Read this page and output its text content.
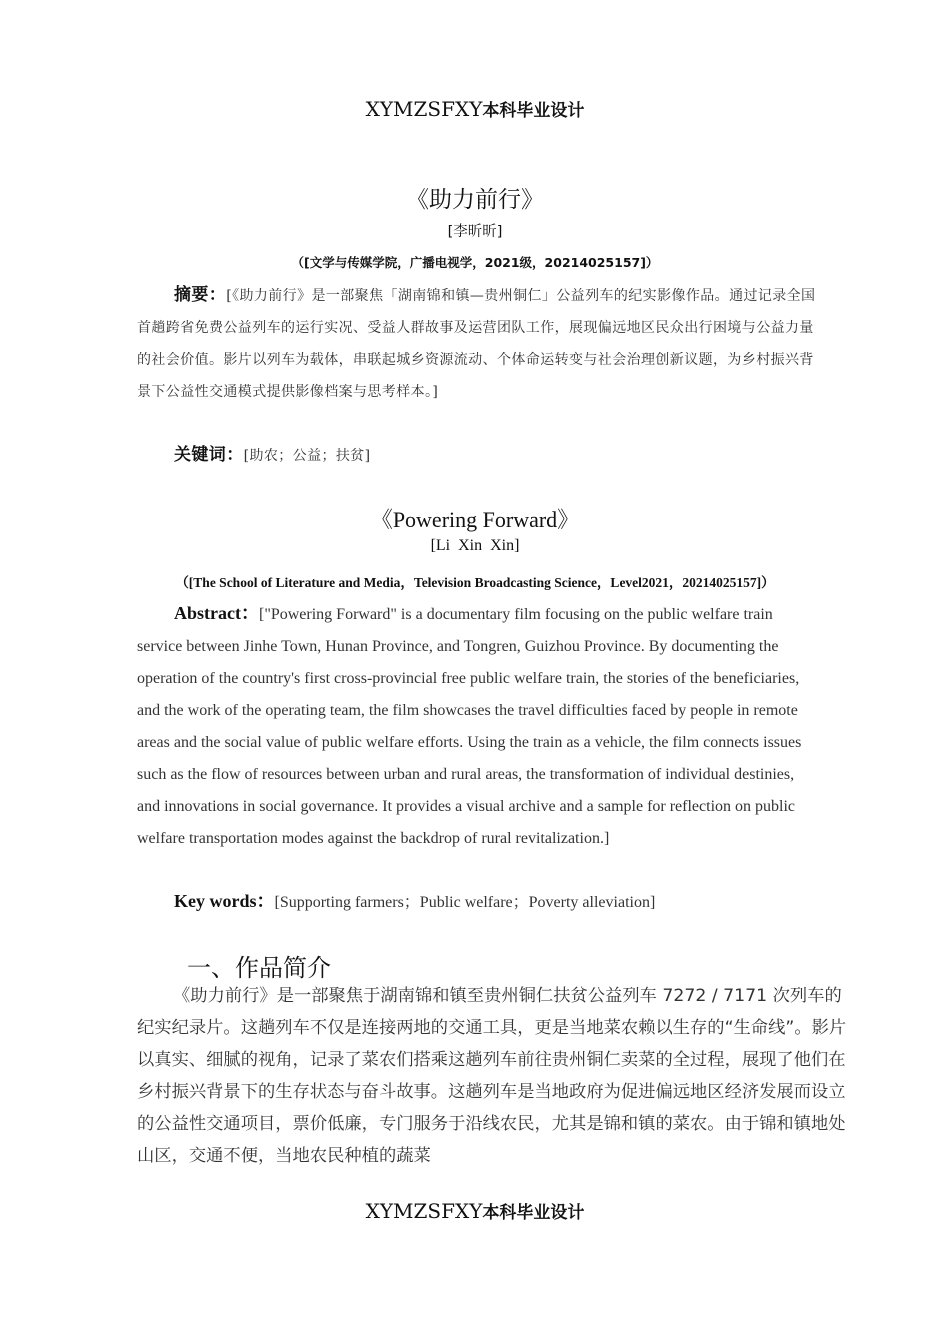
XYMZSFXY本科毕业设计
《助力前行》
[李昕昕]
（[文学与传媒学院，广播电视学，2021级，20214025157]）
摘要：[《助力前行》是一部聚焦「湖南锦和镇—贵州铜仁」公益列车的纪实影像作品。通过记录全国首趟跨省免费公益列车的运行实况、受益人群故事及运营团队工作，展现偏远地区民众出行困境与公益力量的社会价值。影片以列车为载体，串联起城乡资源流动、个体命运转变与社会治理创新议题，为乡村振兴背景下公益性交通模式提供影像档案与思考样本。]
关键词：[助农；公益；扶贫]
《Powering Forward》
[Li Xin Xin]
（[The School of Literature and Media，Television Broadcasting Science，Level2021，20214025157]）
Abstract：["Powering Forward" is a documentary film focusing on the public welfare train service between Jinhe Town, Hunan Province, and Tongren, Guizhou Province. By documenting the operation of the country's first cross-provincial free public welfare train, the stories of the beneficiaries, and the work of the operating team, the film showcases the travel difficulties faced by people in remote areas and the social value of public welfare efforts. Using the train as a vehicle, the film connects issues such as the flow of resources between urban and rural areas, the transformation of individual destinies, and innovations in social governance. It provides a visual archive and a sample for reflection on public welfare transportation modes against the backdrop of rural revitalization.]
Key words：[Supporting farmers；Public welfare；Poverty alleviation]
一、作品简介
《助力前行》是一部聚焦于湖南锦和镇至贵州铜仁扶贫公益列车 7272 / 7171 次列车的纪实纪录片。这趟列车不仅是连接两地的交通工具，更是当地菜农赖以生存的“生命线”。影片以真实、细腻的视角，记录了菜农们搭乘这趟列车前往贵州铜仁卖菜的全过程，展现了他们在乡村振兴背景下的生存状态与奋斗故事。这趟列车是当地政府为促进偏远地区经济发展而设立的公益性交通项目，票价低廉，专门服务于沿线农民，尤其是锦和镇的菜农。由于锦和镇地处山区，交通不便，当地农民种植的蔬菜
XYMZSFXY本科毕业设计
